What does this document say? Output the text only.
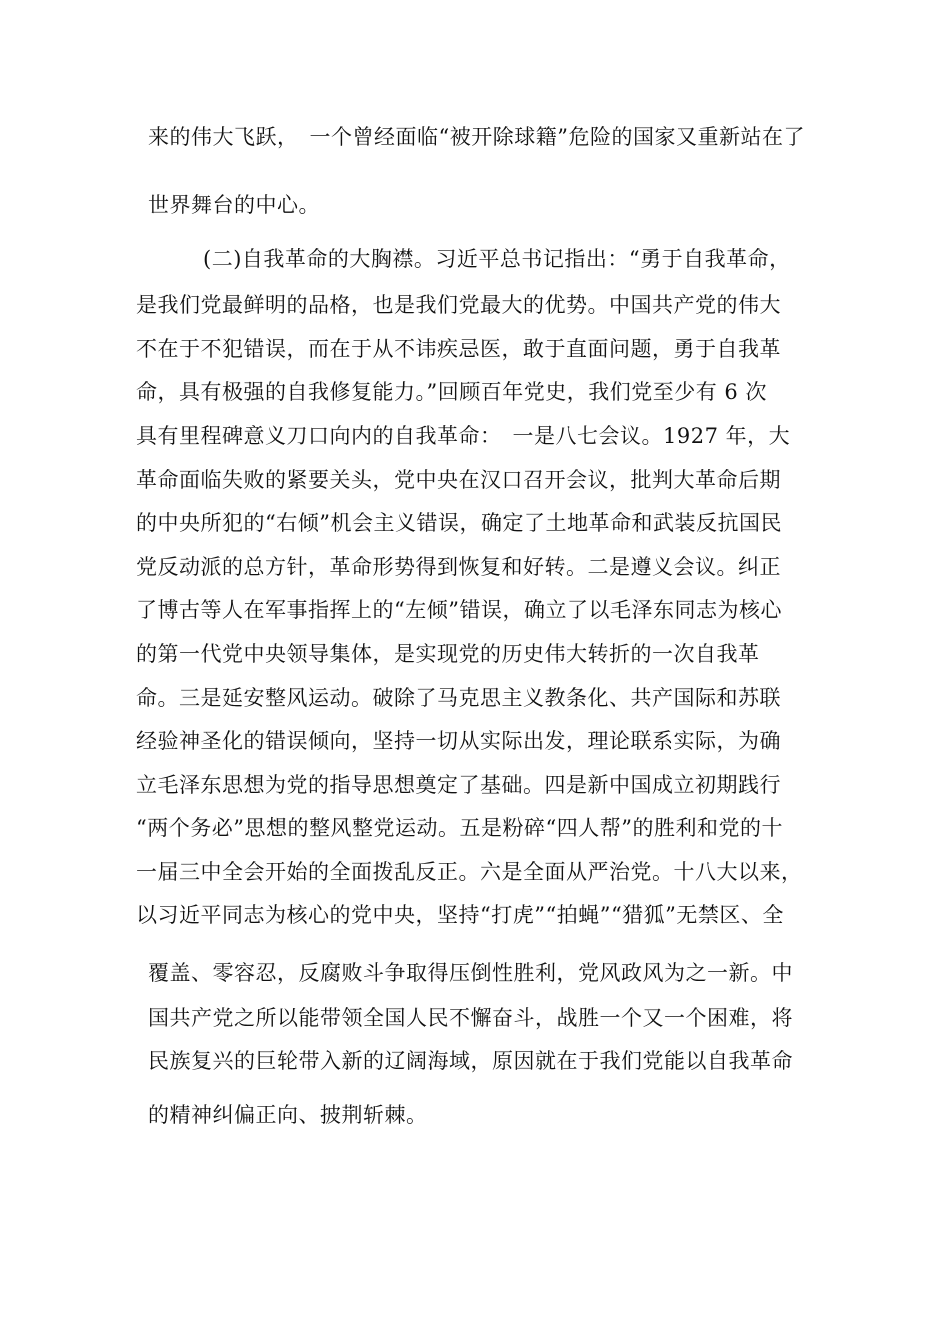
来的伟大飞跃，　一个曾经面临“被开除球籍”危险的国家又重新站在了
世界舞台的中心。
(二)自我革命的大胸襟。习近平总书记指出：“勇于自我革命，
是我们党最鲜明的品格，也是我们党最大的优势。中国共产党的伟大
不在于不犯错误，而在于从不讳疾忌医，敢于直面问题，勇于自我革
命，具有极强的自我修复能力。”回顾百年党史，我们党至少有 6 次
具有里程碑意义刀口向内的自我革命：　一是八七会议。1927 年，大
革命面临失败的紧要关头，党中央在汉口召开会议，批判大革命后期
的中央所犯的“右倾”机会主义错误，确定了土地革命和武装反抗国民
党反动派的总方针，革命形势得到恢复和好转。二是遵义会议。纠正
了博古等人在军事指挥上的“左倾”错误，确立了以毛泽东同志为核心
的第一代党中央领导集体，是实现党的历史伟大转折的一次自我革
命。三是延安整风运动。破除了马克思主义教条化、共产国际和苏联
经验神圣化的错误倾向，坚持一切从实际出发，理论联系实际，为确
立毛泽东思想为党的指导思想奠定了基础。四是新中国成立初期践行
“两个务必”思想的整风整党运动。五是粉碎“四人帮”的胜利和党的十
一届三中全会开始的全面拨乱反正。六是全面从严治党。十八大以来，
以习近平同志为核心的党中央，坚持“打虎”“拍蝇”“猎狐”无禁区、全
覆盖、零容忍，反腐败斗争取得压倒性胜利，党风政风为之一新。中
国共产党之所以能带领全国人民不懈奋斗，战胜一个又一个困难，将
民族复兴的巨轮带入新的辽阔海域，原因就在于我们党能以自我革命
的精神纠偏正向、披荆斩棘。
